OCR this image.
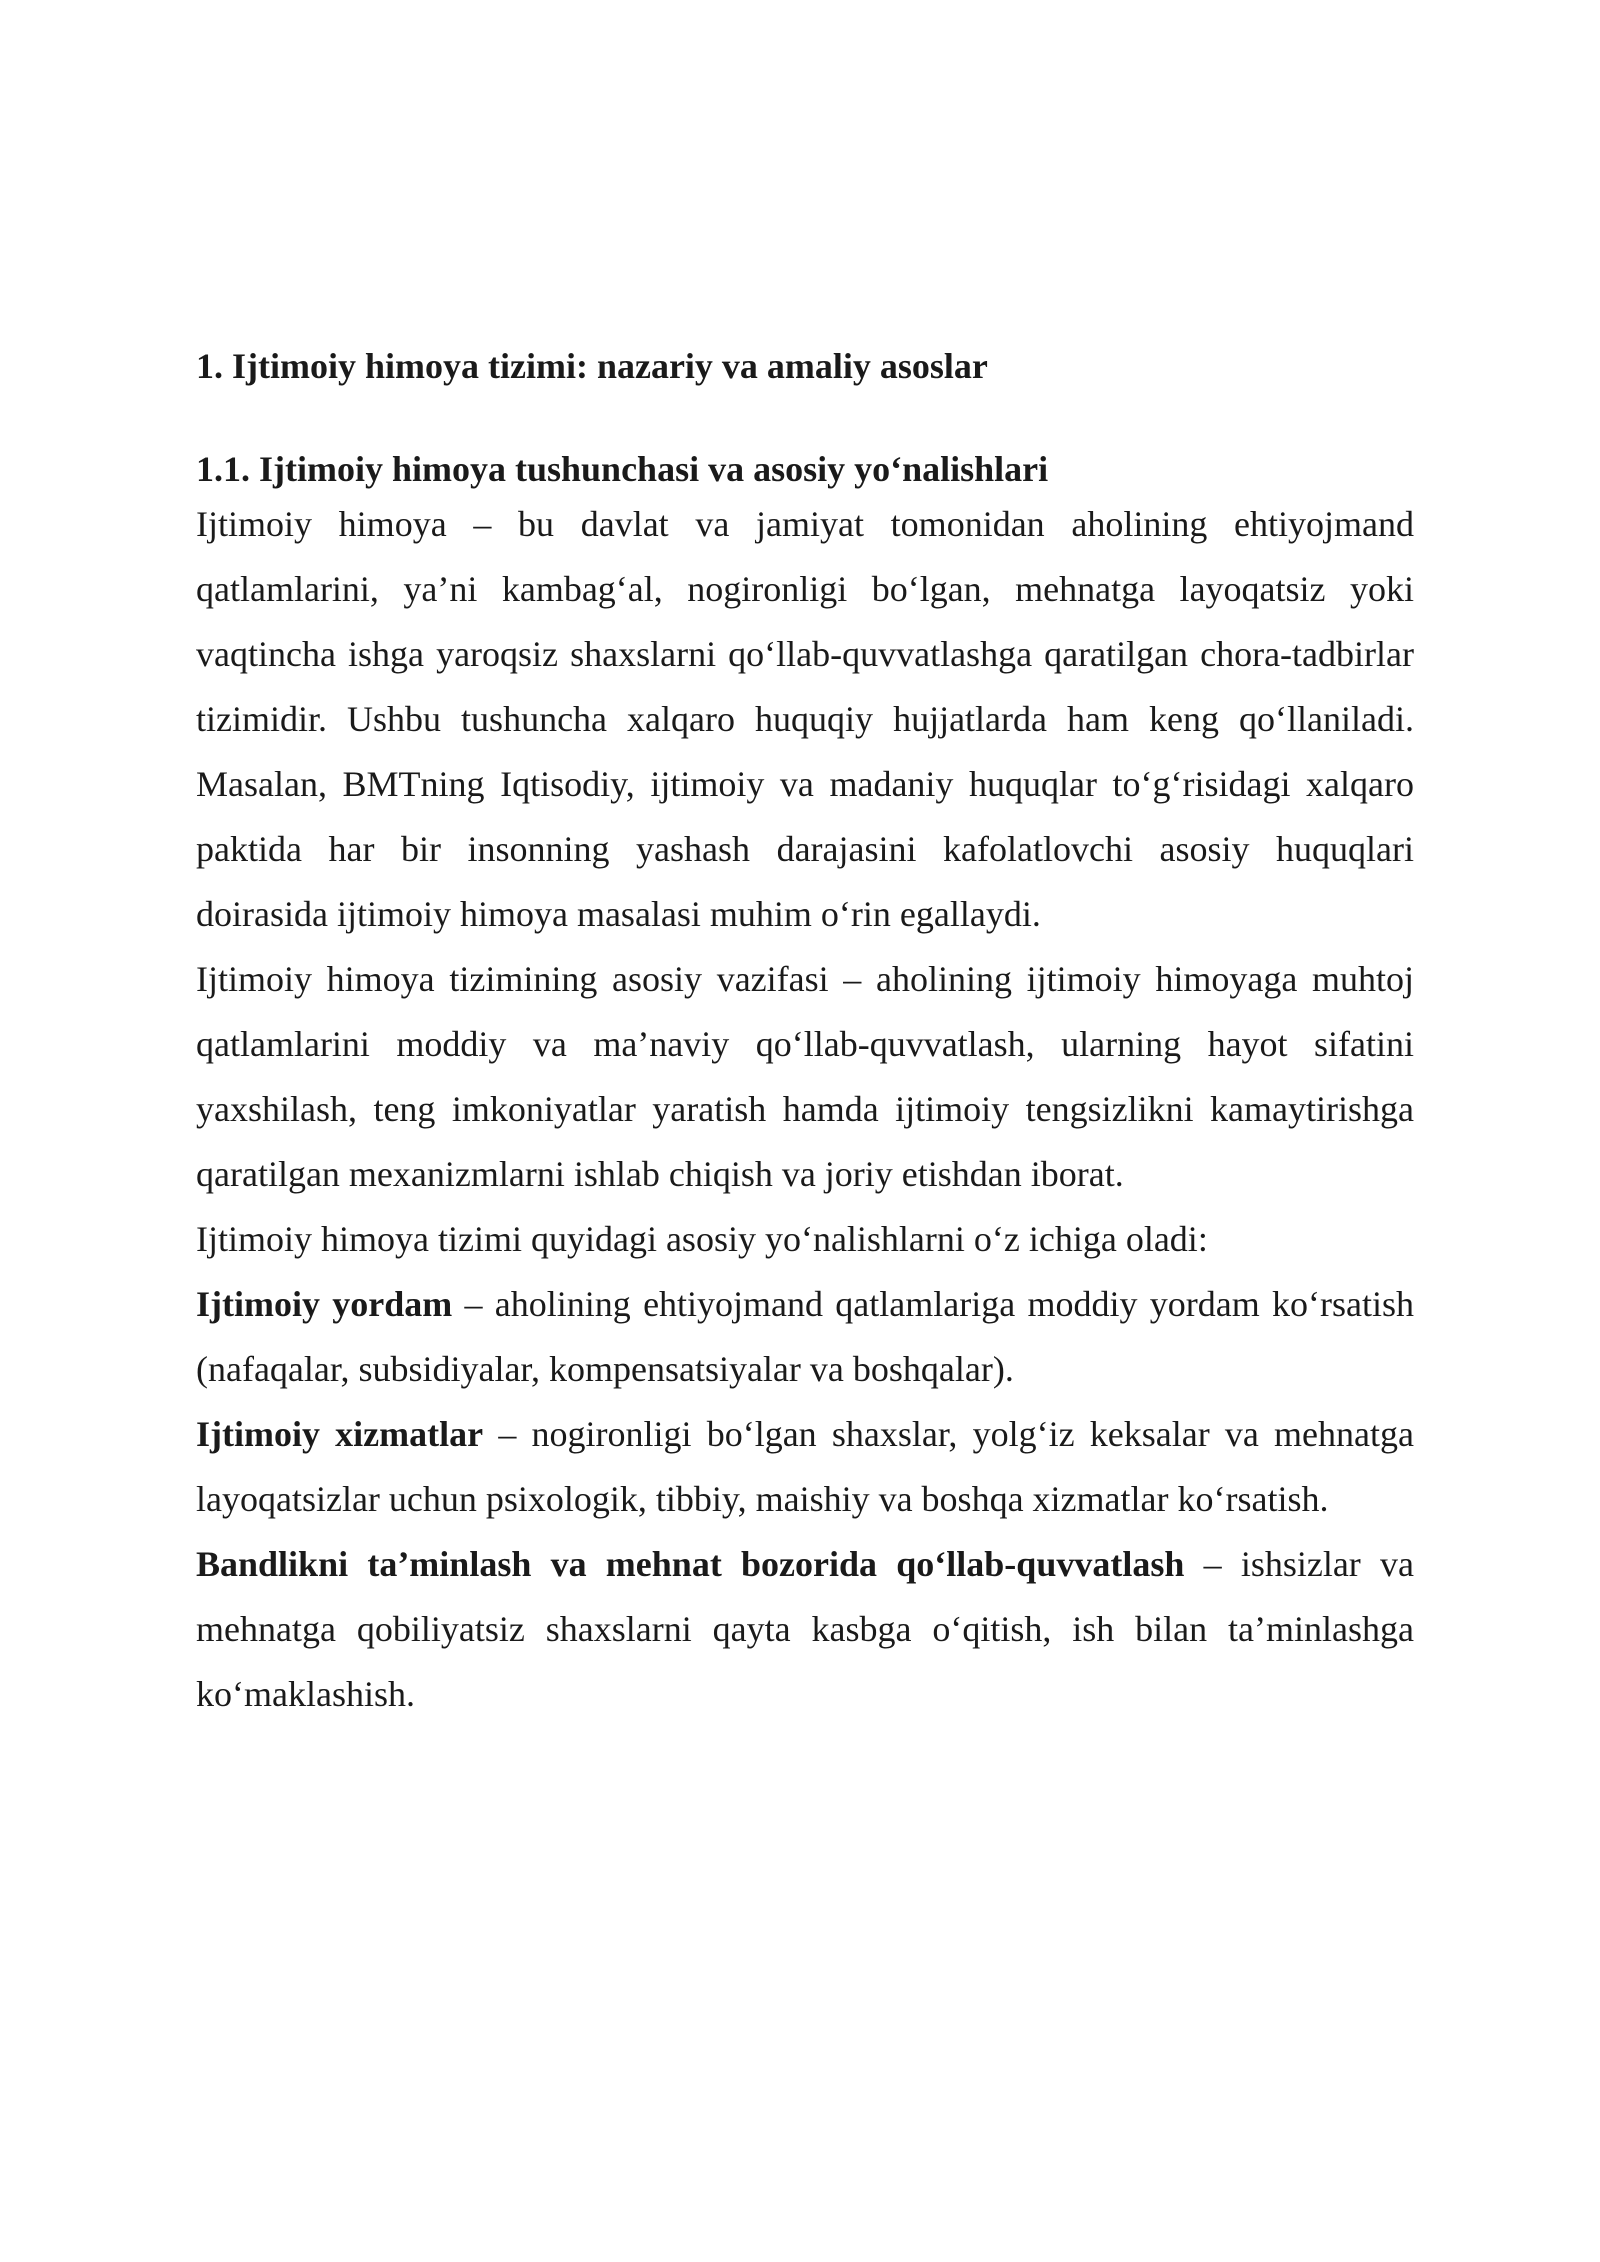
1. Ijtimoiy himoya tizimi: nazariy va amaliy asoslar
1.1. Ijtimoiy himoya tushunchasi va asosiy yo‘nalishlari

Ijtimoiy himoya – bu davlat va jamiyat tomonidan aholining ehtiyojmand qatlamlarini, ya’ni kambag‘al, nogironligi bo‘lgan, mehnatga layoqatsiz yoki vaqtincha ishga yaroqsiz shaxslarni qo‘llab-quvvatlashga qaratilgan chora-tadbirlar tizimidir. Ushbu tushuncha xalqaro huquqiy hujjatlarda ham keng qo‘llaniladi. Masalan, BMTning Iqtisodiy, ijtimoiy va madaniy huquqlar to‘g‘risidagi xalqaro paktida har bir insonning yashash darajasini kafolatlovchi asosiy huquqlari doirasida ijtimoiy himoya masalasi muhim o‘rin egallaydi.

Ijtimoiy himoya tizimining asosiy vazifasi – aholining ijtimoiy himoyaga muhtoj qatlamlarini moddiy va ma’naviy qo‘llab-quvvatlash, ularning hayot sifatini yaxshilash, teng imkoniyatlar yaratish hamda ijtimoiy tengsizlikni kamaytirishga qaratilgan mexanizmlarni ishlab chiqish va joriy etishdan iborat.

Ijtimoiy himoya tizimi quyidagi asosiy yo‘nalishlarni o‘z ichiga oladi:

Ijtimoiy yordam – aholining ehtiyojmand qatlamlariga moddiy yordam ko‘rsatish (nafaqalar, subsidiyalar, kompensatsiyalar va boshqalar).

Ijtimoiy xizmatlar – nogironligi bo‘lgan shaxslar, yolg‘iz keksalar va mehnatga layoqatsizlar uchun psixologik, tibbiy, maishiy va boshqa xizmatlar ko‘rsatish.

Bandlikni ta’minlash va mehnat bozorida qo‘llab-quvvatlash – ishsizlar va mehnatga qobiliyatsiz shaxslarni qayta kasbga o‘qitish, ish bilan ta’minlashga ko‘maklashish.
